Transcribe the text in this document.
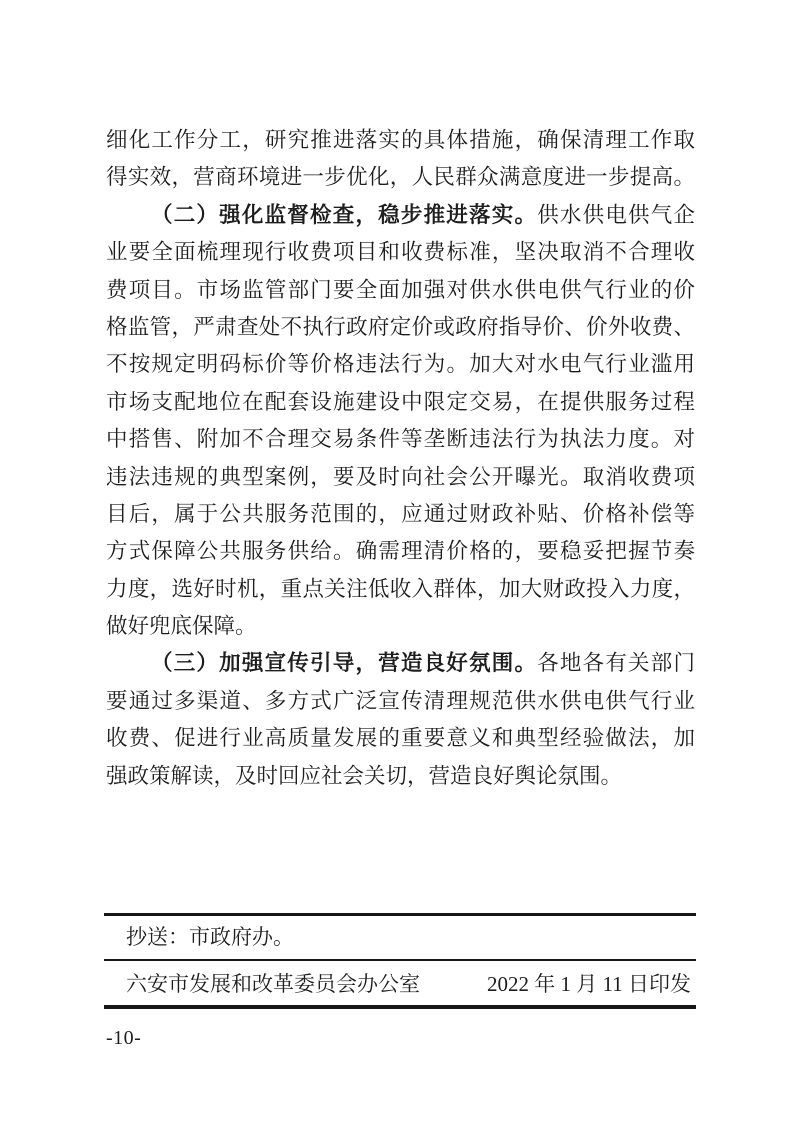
细化工作分工，研究推进落实的具体措施，确保清理工作取
得实效，营商环境进一步优化，人民群众满意度进一步提高。
（二）强化监督检查，稳步推进落实。供水供电供气企
业要全面梳理现行收费项目和收费标准，坚决取消不合理收
费项目。市场监管部门要全面加强对供水供电供气行业的价
格监管，严肃查处不执行政府定价或政府指导价、价外收费、
不按规定明码标价等价格违法行为。加大对水电气行业滥用
市场支配地位在配套设施建设中限定交易，在提供服务过程
中搭售、附加不合理交易条件等垄断违法行为执法力度。对
违法违规的典型案例，要及时向社会公开曝光。取消收费项
目后，属于公共服务范围的，应通过财政补贴、价格补偿等
方式保障公共服务供给。确需理清价格的，要稳妥把握节奏
力度，选好时机，重点关注低收入群体，加大财政投入力度，
做好兜底保障。
（三）加强宣传引导，营造良好氛围。各地各有关部门
要通过多渠道、多方式广泛宣传清理规范供水供电供气行业
收费、促进行业高质量发展的重要意义和典型经验做法，加
强政策解读，及时回应社会关切，营造良好舆论氛围。
抄送：市政府办。
六安市发展和改革委员会办公室	2022 年 1 月 11 日印发
-10-
